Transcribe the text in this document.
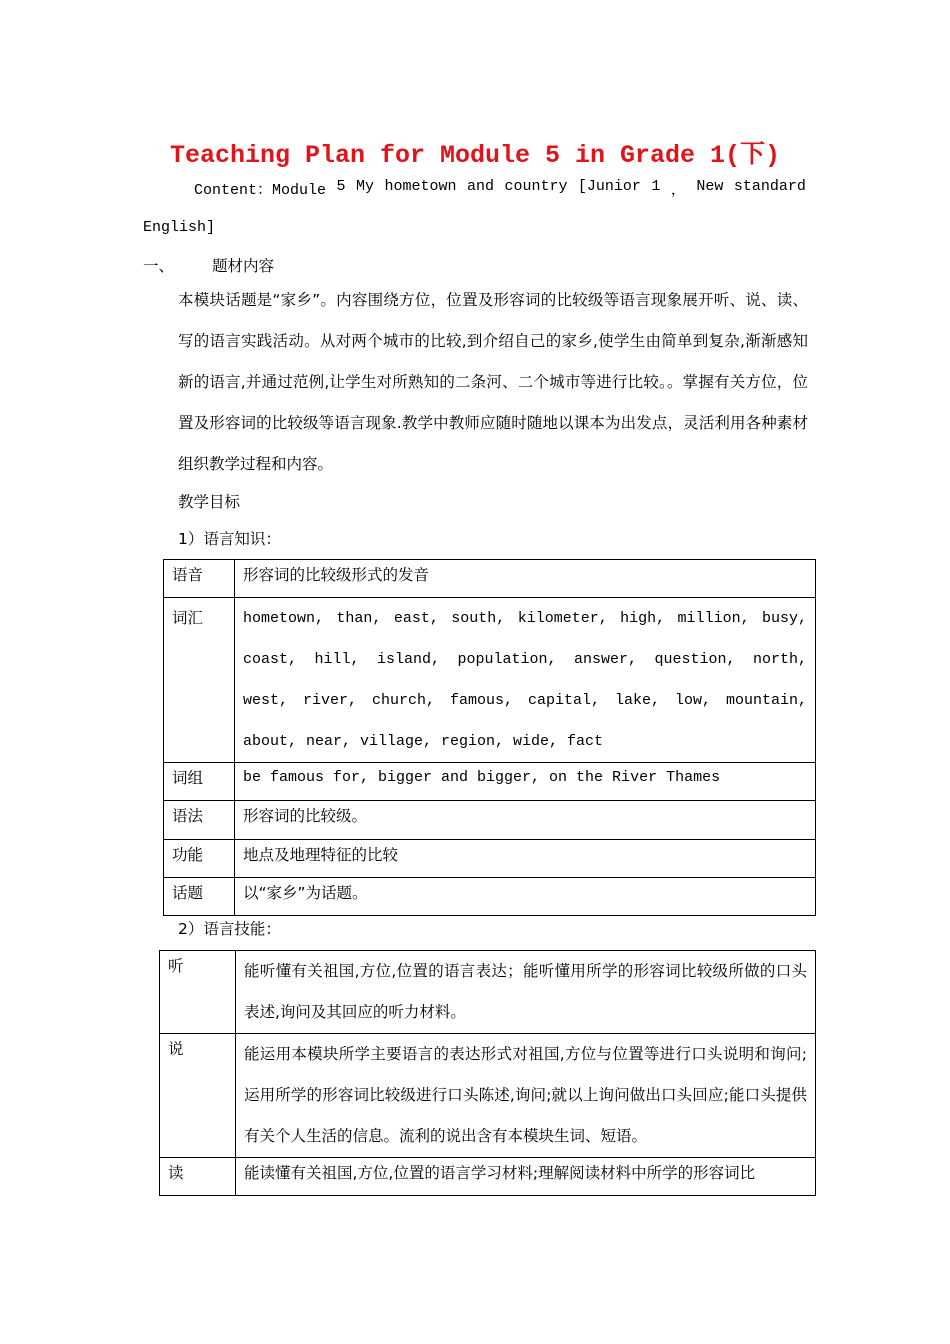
Teaching Plan for Module 5 in Grade 1(下)
Content：Module 5 My hometown and country [Junior 1 ， New standard
English]
一、 题材内容
本模块话题是“家乡”。内容围绕方位，位置及形容词的比较级等语言现象展开听、说、读、写的语言实践活动。从对两个城市的比较,到介绍自己的家乡,使学生由简单到复杂,渐渐感知新的语言,并通过范例,让学生对所熟知的二条河、二个城市等进行比较。。掌握有关方位，位置及形容词的比较级等语言现象.教学中教师应随时随地以课本为出发点，灵活利用各种素材组织教学过程和内容。
教学目标
1）语言知识：
语音	形容词的比较级形式的发音
词汇	hometown, than, east, south, kilometer, high, million, busy, coast, hill, island, population, answer, question, north, west, river, church, famous, capital, lake, low, mountain, about, near, village, region, wide, fact
词组	be famous for, bigger and bigger, on the River Thames
语法	形容词的比较级。
功能	地点及地理特征的比较
话题	以“家乡”为话题。
2）语言技能：
听	能听懂有关祖国,方位,位置的语言表达；能听懂用所学的形容词比较级所做的口头表述,询问及其回应的听力材料。
说	能运用本模块所学主要语言的表达形式对祖国,方位与位置等进行口头说明和询问;运用所学的形容词比较级进行口头陈述,询问;就以上询问做出口头回应;能口头提供有关个人生活的信息。流利的说出含有本模块生词、短语。
读	能读懂有关祖国,方位,位置的语言学习材料;理解阅读材料中所学的形容词比
